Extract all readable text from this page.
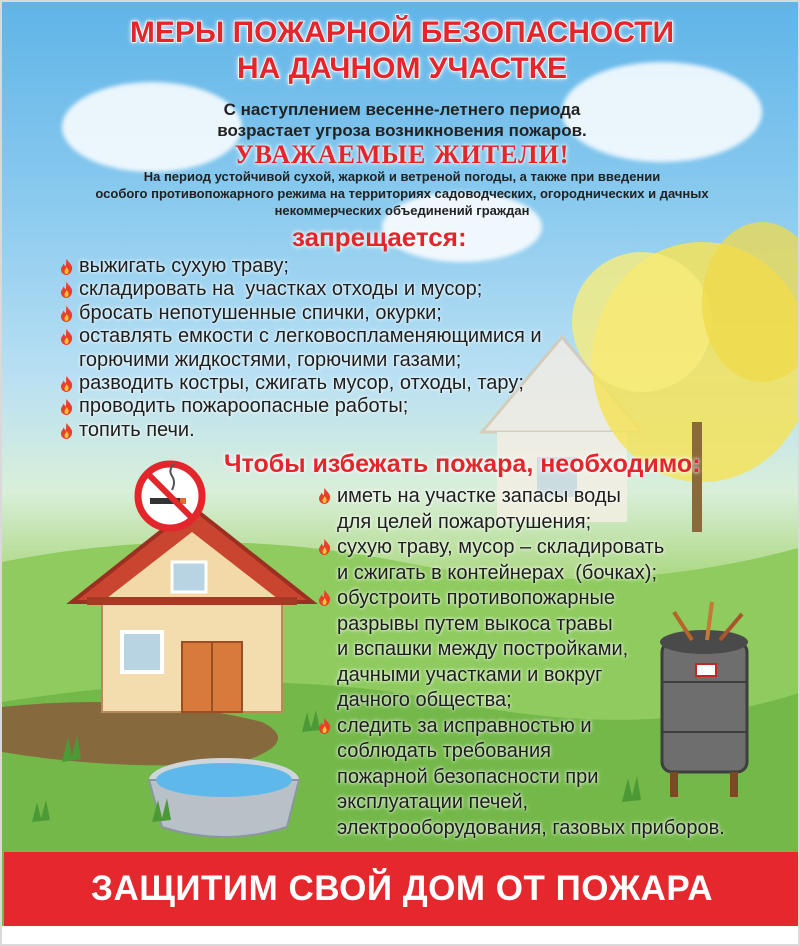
МЕРЫ ПОЖАРНОЙ БЕЗОПАСНОСТИ
НА ДАЧНОМ УЧАСТКЕ
С наступлением весенне-летнего периода
возрастает угроза возникновения пожаров.
УВАЖАЕМЫЕ ЖИТЕЛИ!
На период устойчивой сухой, жаркой и ветреной погоды, а также при введении
особого противопожарного режима на территориях садоводческих, огороднических и дачных
некоммерческих объединений граждан
запрещается:
выжигать сухую траву;
складировать на  участках отходы и мусор;
бросать непотушенные спички, окурки;
оставлять емкости с легковоспламеняющимися и
горючими жидкостями, горючими газами;
разводить костры, сжигать мусор, отходы, тару;
проводить пожароопасные работы;
топить печи.
Чтобы избежать пожара, необходимо:
иметь на участке запасы воды
для целей пожаротушения;
сухую траву, мусор – складировать
и сжигать в контейнерах  (бочках);
обустроить противопожарные
разрывы путем выкоса травы
и вспашки между постройками,
дачными участками и вокруг
дачного общества;
следить за исправностью и
соблюдать требования
пожарной безопасности при
эксплуатации печей,
электрооборудования, газовых приборов.
ЗАЩИТИМ СВОЙ ДОМ ОТ ПОЖАРА
